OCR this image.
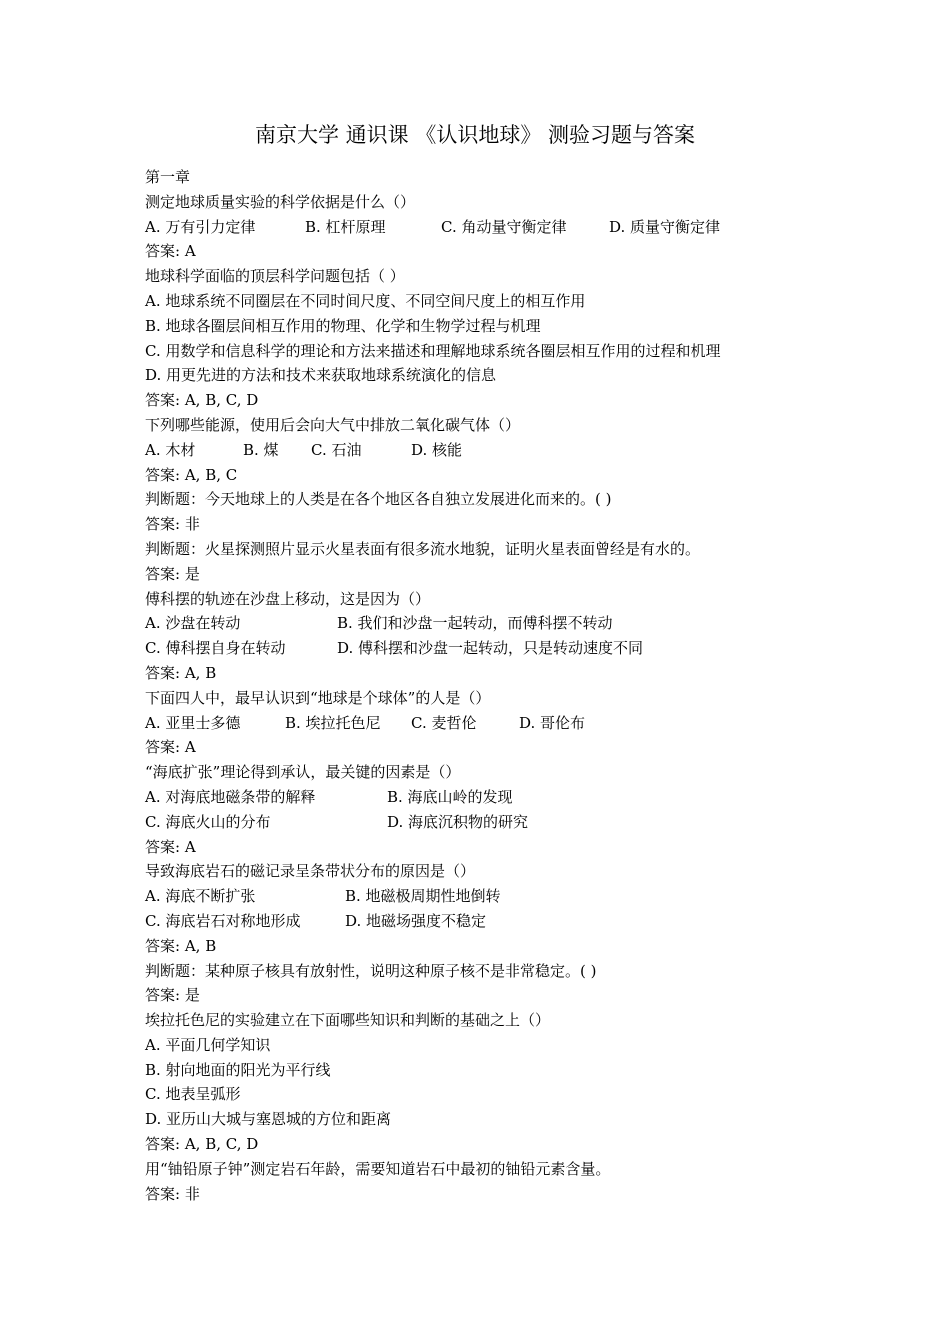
南京大学 通识课 《认识地球》 测验习题与答案
第一章
测定地球质量实验的科学依据是什么（）
A. 万有引力定律	B. 杠杆原理	C. 角动量守衡定律	D. 质量守衡定律
答案: A
地球科学面临的顶层科学问题包括（ ）
A. 地球系统不同圈层在不同时间尺度、不同空间尺度上的相互作用
B. 地球各圈层间相互作用的物理、化学和生物学过程与机理
C. 用数学和信息科学的理论和方法来描述和理解地球系统各圈层相互作用的过程和机理
D. 用更先进的方法和技术来获取地球系统演化的信息
答案: A, B, C, D
下列哪些能源，使用后会向大气中排放二氧化碳气体（）
A. 木材	B. 煤	C. 石油	D. 核能
答案: A, B, C
判断题：今天地球上的人类是在各个地区各自独立发展进化而来的。( )
答案: 非
判断题：火星探测照片显示火星表面有很多流水地貌，证明火星表面曾经是有水的。
答案: 是
傅科摆的轨迹在沙盘上移动，这是因为（）
A. 沙盘在转动	B. 我们和沙盘一起转动，而傅科摆不转动
C. 傅科摆自身在转动	D. 傅科摆和沙盘一起转动，只是转动速度不同
答案: A, B
下面四人中，最早认识到“地球是个球体”的人是（）
A. 亚里士多德	B. 埃拉托色尼	C. 麦哲伦	D. 哥伦布
答案: A
“海底扩张”理论得到承认，最关键的因素是（）
A. 对海底地磁条带的解释	B. 海底山岭的发现
C. 海底火山的分布	D. 海底沉积物的研究
答案: A
导致海底岩石的磁记录呈条带状分布的原因是（）
A. 海底不断扩张	B. 地磁极周期性地倒转
C. 海底岩石对称地形成	D. 地磁场强度不稳定
答案: A, B
判断题：某种原子核具有放射性，说明这种原子核不是非常稳定。( )
答案: 是
埃拉托色尼的实验建立在下面哪些知识和判断的基础之上（）
A. 平面几何学知识
B. 射向地面的阳光为平行线
C. 地表呈弧形
D. 亚历山大城与塞恩城的方位和距离
答案: A, B, C, D
用“铀铅原子钟”测定岩石年龄，需要知道岩石中最初的铀铅元素含量。
答案: 非
